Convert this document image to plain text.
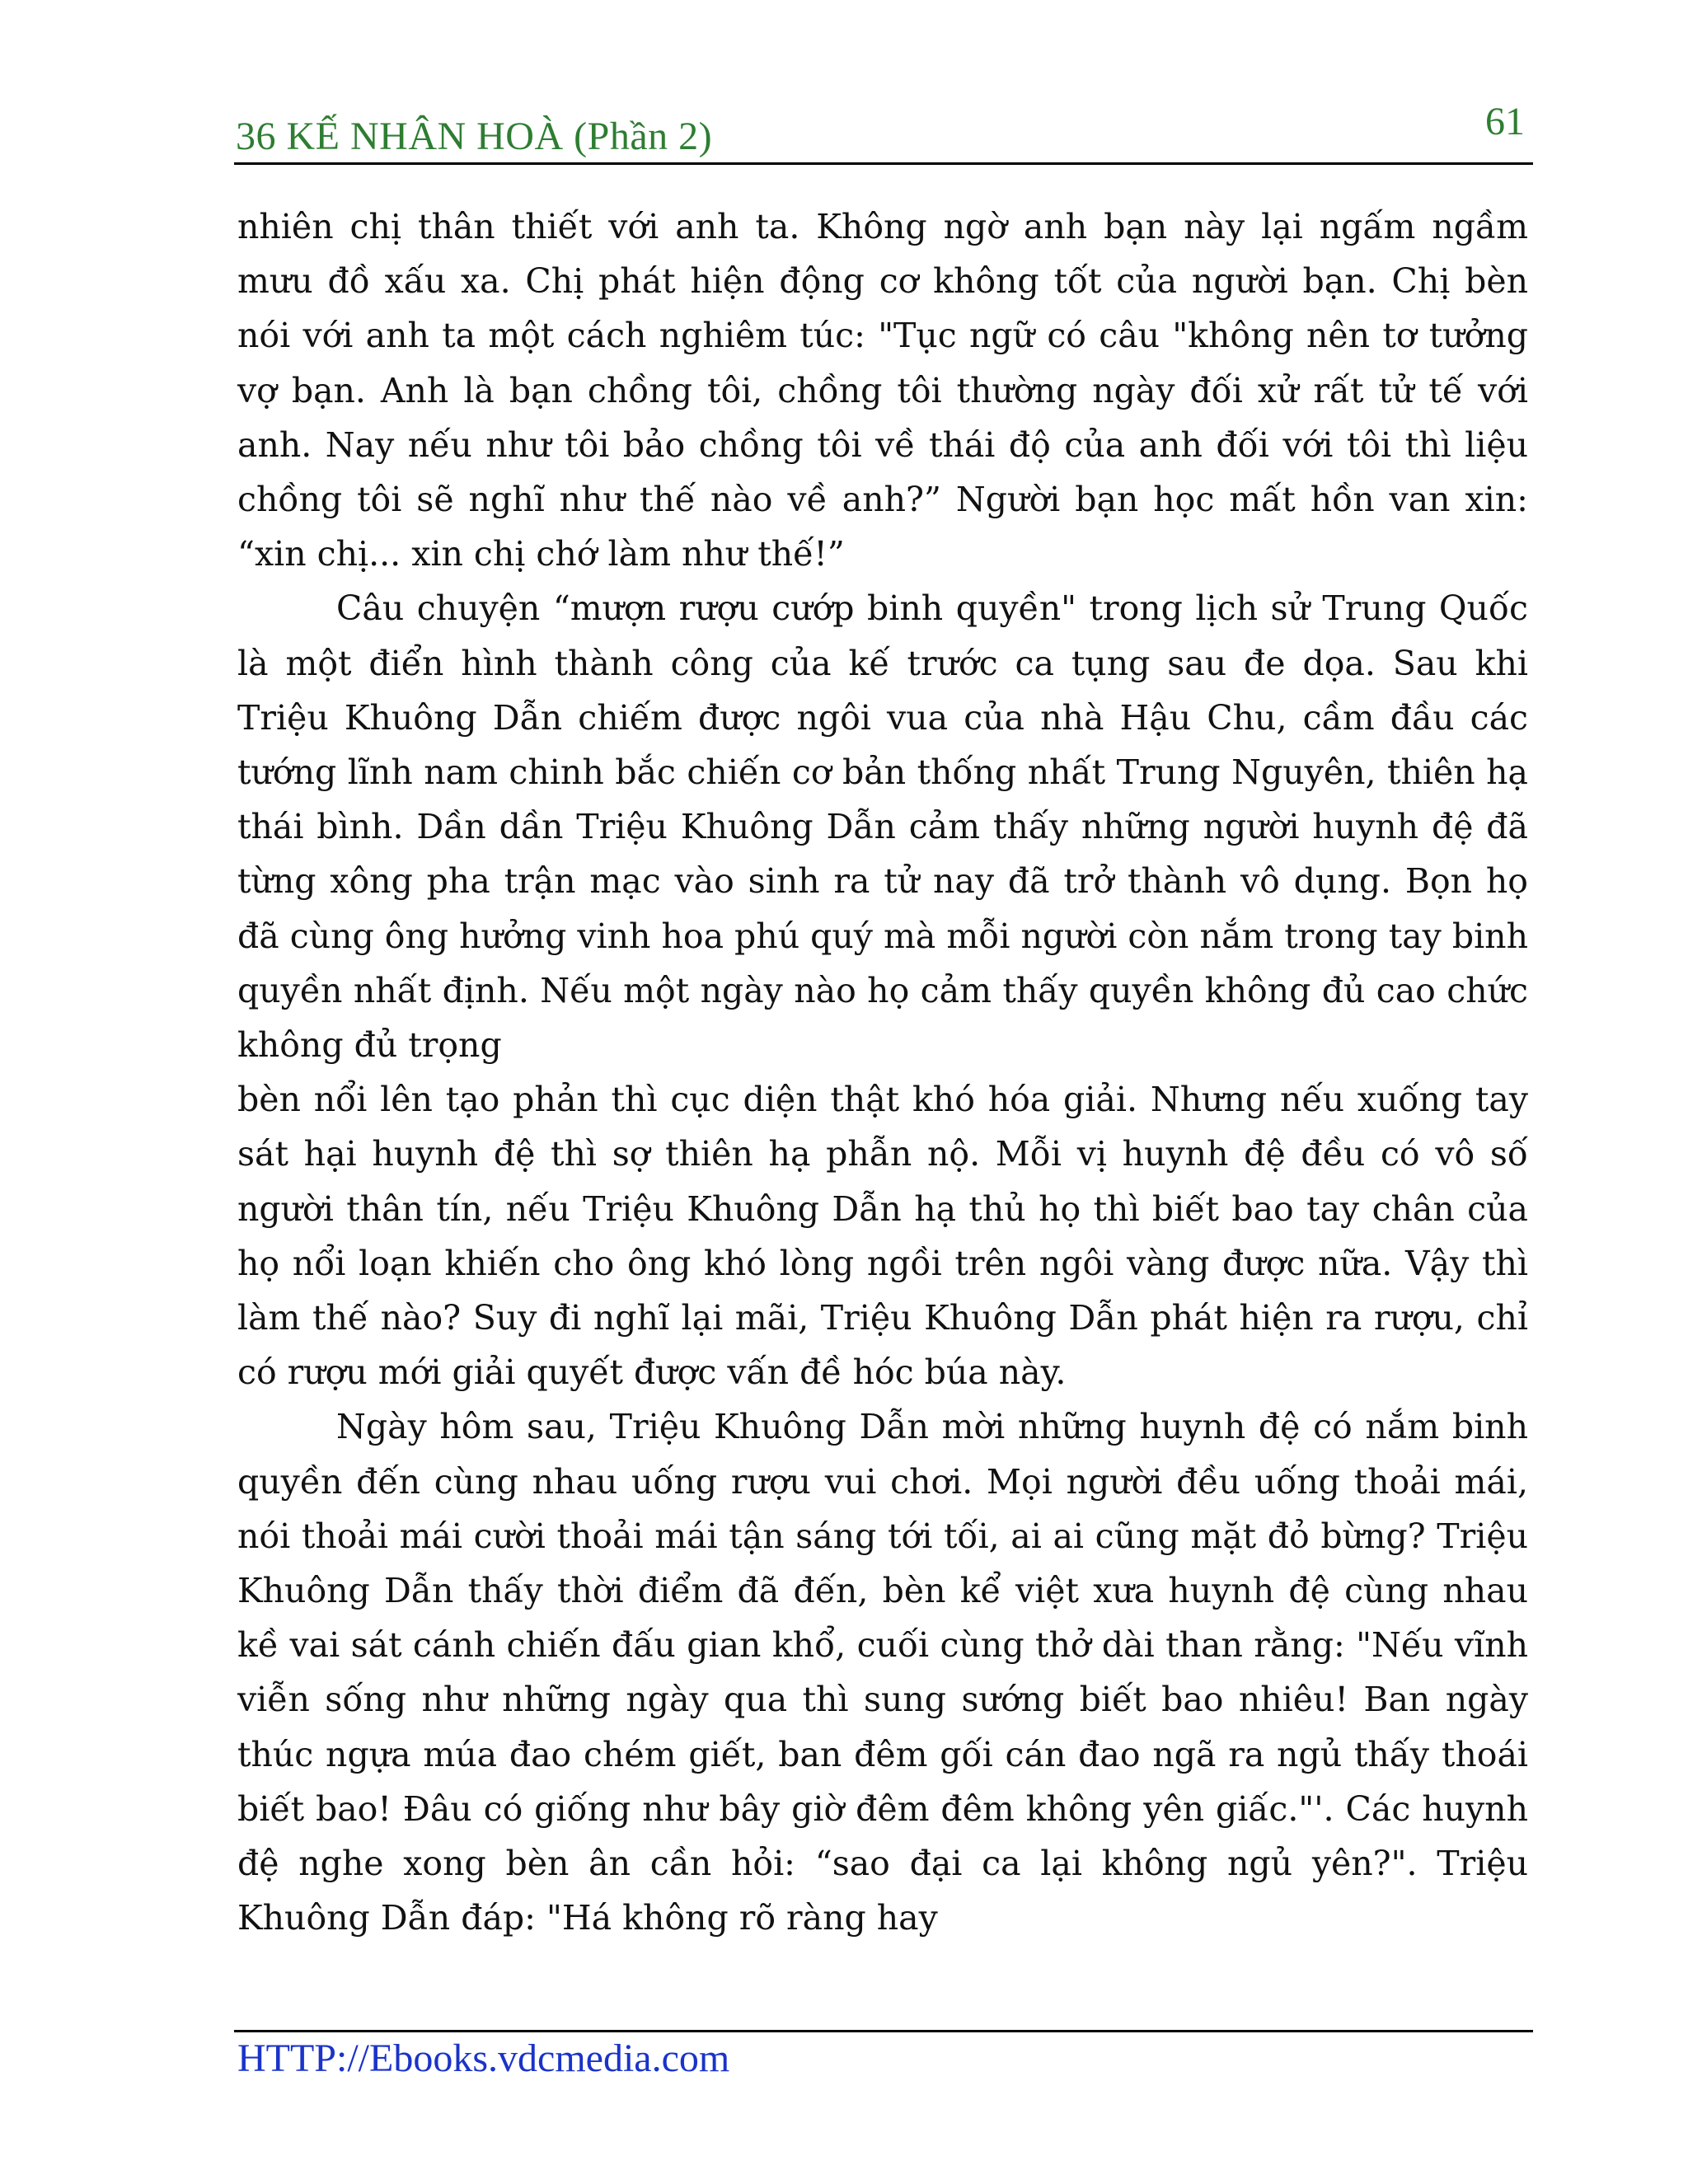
36 KẾ NHÂN HOÀ (Phần 2)	61

nhiên chị thân thiết với anh ta. Không ngờ anh bạn này lại ngấm ngầm mưu đồ xấu xa. Chị phát hiện động cơ không tốt của người bạn. Chị bèn nói với anh ta một cách nghiêm túc: "Tục ngữ có câu "không nên tơ tưởng vợ bạn. Anh là bạn chồng tôi, chồng tôi thường ngày đối xử rất tử tế với anh. Nay nếu như tôi bảo chồng tôi về thái độ của anh đối với tôi thì liệu chồng tôi sẽ nghĩ như thế nào về anh?” Người bạn học mất hồn van xin: “xin chị... xin chị chớ làm như thế!”

Câu chuyện “mượn rượu cướp binh quyền" trong lịch sử Trung Quốc là một điển hình thành công của kế trước ca tụng sau đe dọa. Sau khi Triệu Khuông Dẫn chiếm được ngôi vua của nhà Hậu Chu, cầm đầu các tướng lĩnh nam chinh bắc chiến cơ bản thống nhất Trung Nguyên, thiên hạ thái bình. Dần dần Triệu Khuông Dẫn cảm thấy những người huynh đệ đã từng xông pha trận mạc vào sinh ra tử nay đã trở thành vô dụng. Bọn họ đã cùng ông hưởng vinh hoa phú quý mà mỗi người còn nắm trong tay binh quyền nhất định. Nếu một ngày nào họ cảm thấy quyền không đủ cao chức không đủ trọng

bèn nổi lên tạo phản thì cục diện thật khó hóa giải. Nhưng nếu xuống tay sát hại huynh đệ thì sợ thiên hạ phẫn nộ. Mỗi vị huynh đệ đều có vô số người thân tín, nếu Triệu Khuông Dẫn hạ thủ họ thì biết bao tay chân của họ nổi loạn khiến cho ông khó lòng ngồi trên ngôi vàng được nữa. Vậy thì làm thế nào? Suy đi nghĩ lại mãi, Triệu Khuông Dẫn phát hiện ra rượu, chỉ có rượu mới giải quyết được vấn đề hóc búa này.

Ngày hôm sau, Triệu Khuông Dẫn mời những huynh đệ có nắm binh quyền đến cùng nhau uống rượu vui chơi. Mọi người đều uống thoải mái, nói thoải mái cười thoải mái tận sáng tới tối, ai ai cũng mặt đỏ bừng? Triệu Khuông Dẫn thấy thời điểm đã đến, bèn kể việt xưa huynh đệ cùng nhau kề vai sát cánh chiến đấu gian khổ, cuối cùng thở dài than rằng: "Nếu vĩnh viễn sống như những ngày qua thì sung sướng biết bao nhiêu! Ban ngày thúc ngựa múa đao chém giết, ban đêm gối cán đao ngã ra ngủ thấy thoái biết bao! Đâu có giống như bây giờ đêm đêm không yên giấc."'. Các huynh đệ nghe xong bèn ân cần hỏi: “sao đại ca lại không ngủ yên?". Triệu Khuông Dẫn đáp: "Há không rõ ràng hay

HTTP://Ebooks.vdcmedia.com
